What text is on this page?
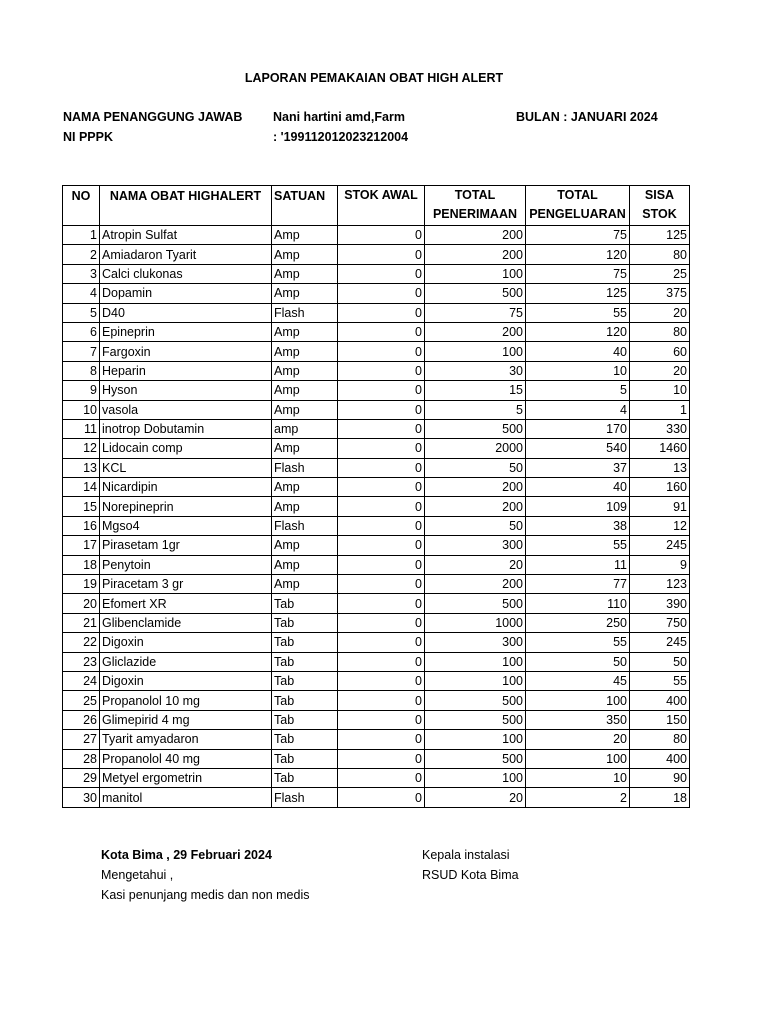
LAPORAN PEMAKAIAN OBAT HIGH ALERT
NAMA PENANGGUNG JAWAB Nani hartini amd,Farm	BULAN : JANUARI 2024
NI PPPK	: '199112012023212004
NO	NAMA OBAT HIGHALERT	SATUAN	STOK AWAL	TOTAL PENERIMAAN	TOTAL PENGELUARAN	SISA STOK
1	Atropin Sulfat	Amp	0	200	75	125
2	Amiadaron Tyarit	Amp	0	200	120	80
3	Calci clukonas	Amp	0	100	75	25
4	Dopamin	Amp	0	500	125	375
5	D40	Flash	0	75	55	20
6	Epineprin	Amp	0	200	120	80
7	Fargoxin	Amp	0	100	40	60
8	Heparin	Amp	0	30	10	20
9	Hyson	Amp	0	15	5	10
10	vasola	Amp	0	5	4	1
11	inotrop Dobutamin	amp	0	500	170	330
12	Lidocain comp	Amp	0	2000	540	1460
13	KCL	Flash	0	50	37	13
14	Nicardipin	Amp	0	200	40	160
15	Norepineprin	Amp	0	200	109	91
16	Mgso4	Flash	0	50	38	12
17	Pirasetam 1gr	Amp	0	300	55	245
18	Penytoin	Amp	0	20	11	9
19	Piracetam 3 gr	Amp	0	200	77	123
20	Efomert XR	Tab	0	500	110	390
21	Glibenclamide	Tab	0	1000	250	750
22	Digoxin	Tab	0	300	55	245
23	Gliclazide	Tab	0	100	50	50
24	Digoxin	Tab	0	100	45	55
25	Propanolol 10 mg	Tab	0	500	100	400
26	Glimepirid 4 mg	Tab	0	500	350	150
27	Tyarit amyadaron	Tab	0	100	20	80
28	Propanolol 40 mg	Tab	0	500	100	400
29	Metyel ergometrin	Tab	0	100	10	90
30	manitol	Flash	0	20	2	18
Kota Bima , 29 Februari 2024
Mengetahui ,
Kasi penunjang medis dan non medis
Kepala instalasi
RSUD Kota Bima
